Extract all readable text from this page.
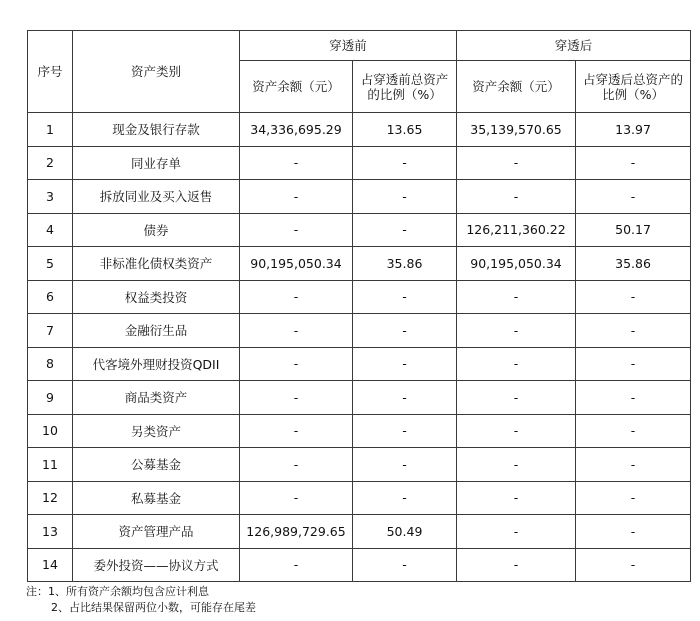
序号	资产类别	穿透前		穿透后	
		资产余额（元）	占穿透前总资产的比例（%）	资产余额（元）	占穿透后总资产的比例（%）
1	现金及银行存款	34,336,695.29	13.65	35,139,570.65	13.97
2	同业存单	-	-	-	-
3	拆放同业及买入返售	-	-	-	-
4	债券	-	-	126,211,360.22	50.17
5	非标准化债权类资产	90,195,050.34	35.86	90,195,050.34	35.86
6	权益类投资	-	-	-	-
7	金融衍生品	-	-	-	-
8	代客境外理财投资QDII	-	-	-	-
9	商品类资产	-	-	-	-
10	另类资产	-	-	-	-
11	公募基金	-	-	-	-
12	私募基金	-	-	-	-
13	资产管理产品	126,989,729.65	50.49	-	-
14	委外投资——协议方式	-	-	-	-
注：1、所有资产余额均包含应计利息
2、占比结果保留两位小数，可能存在尾差
